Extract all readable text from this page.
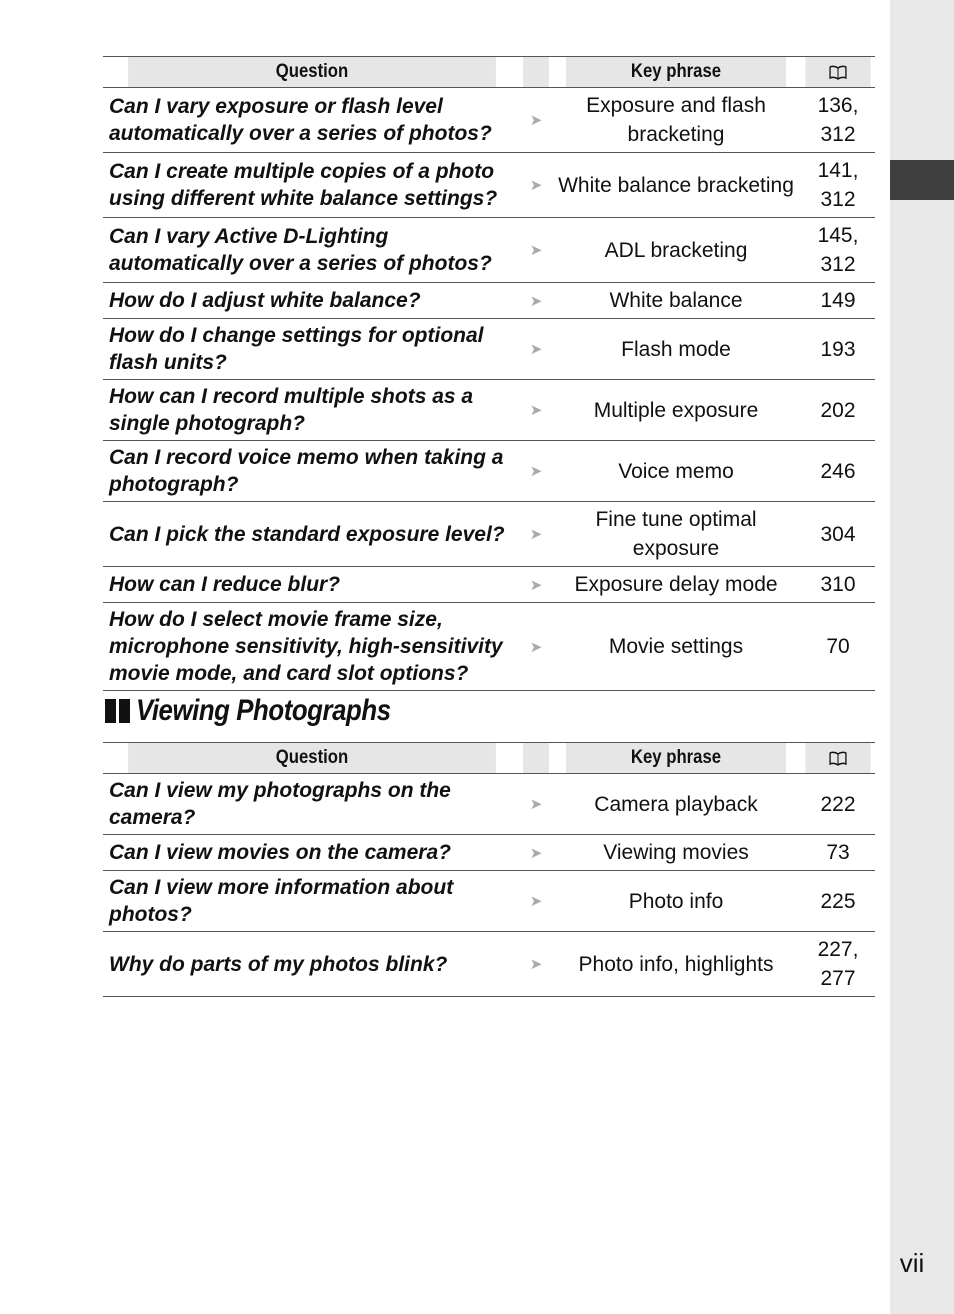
Question		Key phrase	
Can I vary exposure or flash level automatically over a series of photos?	➤	Exposure and flash bracketing	136, 312
Can I create multiple copies of a photo using different white balance settings?	➤	White balance bracketing	141, 312
Can I vary Active D-Lighting automatically over a series of photos?	➤	ADL bracketing	145, 312
How do I adjust white balance?	➤	White balance	149
How do I change settings for optional flash units?	➤	Flash mode	193
How can I record multiple shots as a single photograph?	➤	Multiple exposure	202
Can I record voice memo when taking a photograph?	➤	Voice memo	246
Can I pick the standard exposure level?	➤	Fine tune optimal exposure	304
How can I reduce blur?	➤	Exposure delay mode	310
How do I select movie frame size, microphone sensitivity, high-sensitivity movie mode, and card slot options?	➤	Movie settings	70
Viewing Photographs
Question		Key phrase	
Can I view my photographs on the camera?	➤	Camera playback	222
Can I view movies on the camera?	➤	Viewing movies	73
Can I view more information about photos?	➤	Photo info	225
Why do parts of my photos blink?	➤	Photo info, highlights	227, 277
vii
